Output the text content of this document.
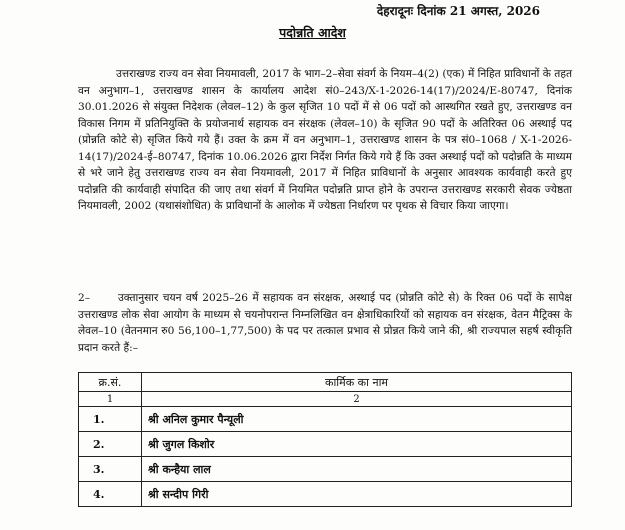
देहरादूनः दिनांक 21 अगस्त, 2026
पदोन्नति आदेश
उत्तराखण्ड राज्य वन सेवा नियमावली, 2017 के भाग–2–सेवा संवर्ग के नियम–4(2) (एक) में निहित प्राविधानों के तहत वन अनुभाग–1, उत्तराखण्ड शासन के कार्यालय आदेश सं0–243/X-1-2026-14(17)/2024/E-80747, दिनांक 30.01.2026 से संयुक्त निदेशक (लेवल–12) के कुल सृजित 10 पदों में से 06 पदों को आस्थगित रखते हुए, उत्तराखण्ड वन विकास निगम में प्रतिनियुक्ति के प्रयोजनार्थ सहायक वन संरक्षक (लेवल–10) के सृजित 90 पदों के अतिरिक्त 06 अस्थाई पद (प्रोन्नति कोटे से) सृजित किये गये हैं। उक्त के क्रम में वन अनुभाग–1, उत्तराखण्ड शासन के पत्र सं0–1068 / X-1-2026-14(17)/2024-ई–80747, दिनांक 10.06.2026 द्वारा निर्देश निर्गत किये गये हैं कि उक्त अस्थाई पदों को पदोन्नति के माध्यम से भरे जाने हेतु उत्तराखण्ड राज्य वन सेवा नियमावली, 2017 में निहित प्राविधानों के अनुसार आवश्यक कार्यवाही करते हुए पदोन्नति की कार्यवाही संपादित की जाए तथा संवर्ग में नियमित पदोन्नति प्राप्त होने के उपरान्त उत्तराखण्ड सरकारी सेवक ज्येष्ठता नियमावली, 2002 (यथासंशोधित) के प्राविधानों के आलोक में ज्येष्ठता निर्धारण पर पृथक से विचार किया जाएगा।
2–	उक्तानुसार चयन वर्ष 2025–26 में सहायक वन संरक्षक, अस्थाई पद (प्रोन्नति कोटे से) के रिक्त 06 पदों के सापेक्ष उत्तराखण्ड लोक सेवा आयोग के माध्यम से चयनोपरान्त निम्नलिखित वन क्षेत्राधिकारियों को सहायक वन संरक्षक, वेतन मैट्रिक्स के लेवल–10 (वेतनमान रु0 56,100–1,77,500) के पद पर तत्काल प्रभाव से प्रोन्नत किये जाने की, श्री राज्यपाल सहर्ष स्वीकृति प्रदान करते हैं:–
क्र.सं.	कार्मिक का नाम
1	2
1.	श्री अनिल कुमार पैन्यूली
2.	श्री जुगल किशोर
3.	श्री कन्हैया लाल
4.	श्री सन्दीप गिरी
